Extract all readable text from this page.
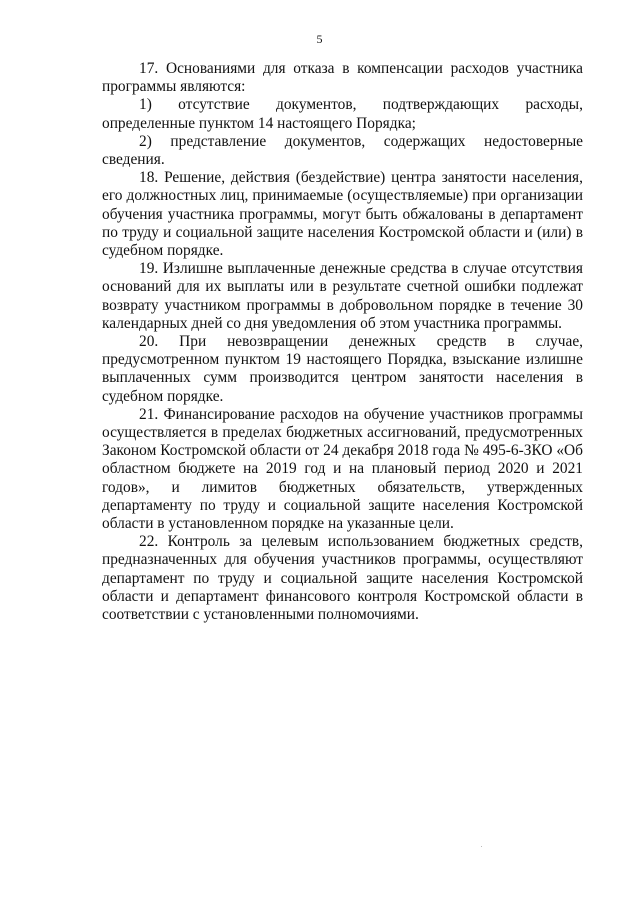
5

17. Основаниями для отказа в компенсации расходов участника программы являются:

1) отсутствие документов, подтверждающих расходы, определенные пунктом 14 настоящего Порядка;

2) представление документов, содержащих недостоверные сведения.

18. Решение, действия (бездействие) центра занятости населения, его должностных лиц, принимаемые (осуществляемые) при организации обучения участника программы, могут быть обжалованы в департамент по труду и социальной защите населения Костромской области и (или) в судебном порядке.

19. Излишне выплаченные денежные средства в случае отсутствия оснований для их выплаты или в результате счетной ошибки подлежат возврату участником программы в добровольном порядке в течение 30 календарных дней со дня уведомления об этом участника программы.

20. При невозвращении денежных средств в случае, предусмотренном пунктом 19 настоящего Порядка, взыскание излишне выплаченных сумм производится центром занятости населения в судебном порядке.

21. Финансирование расходов на обучение участников программы осуществляется в пределах бюджетных ассигнований, предусмотренных Законом Костромской области от 24 декабря 2018 года № 495-6-ЗКО «Об областном бюджете на 2019 год и на плановый период 2020 и 2021 годов», и лимитов бюджетных обязательств, утвержденных департаменту по труду и социальной защите населения Костромской области в установленном порядке на указанные цели.

22. Контроль за целевым использованием бюджетных средств, предназначенных для обучения участников программы, осуществляют департамент по труду и социальной защите населения Костромской области и департамент финансового контроля Костромской области в соответствии с установленными полномочиями.
